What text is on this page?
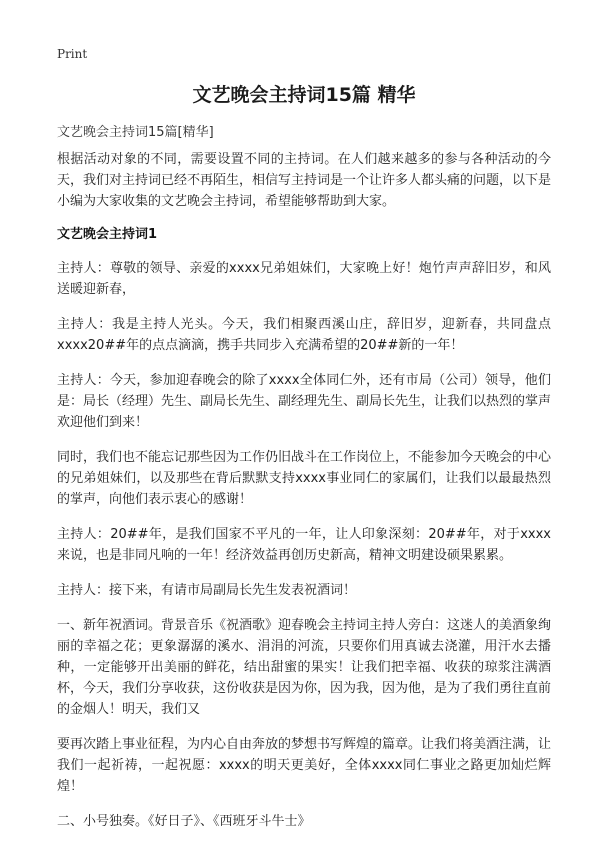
Print
文艺晚会主持词15篇 精华
文艺晚会主持词15篇[精华]

根据活动对象的不同，需要设置不同的主持词。在人们越来越多的参与各种活动的今天，我们对主持词已经不再陌生，相信写主持词是一个让许多人都头痛的问题，以下是小编为大家收集的文艺晚会主持词，希望能够帮助到大家。

文艺晚会主持词1

主持人：尊敬的领导、亲爱的xxxx兄弟姐妹们，大家晚上好！炮竹声声辞旧岁，和风送暖迎新春，

主持人：我是主持人光头。今天，我们相聚西溪山庄，辞旧岁，迎新春，共同盘点xxxx20##年的点点滴滴，携手共同步入充满希望的20##新的一年！

主持人：今天，参加迎春晚会的除了xxxx全体同仁外，还有市局（公司）领导，他们是：局长（经理）先生、副局长先生、副经理先生、副局长先生，让我们以热烈的掌声欢迎他们到来！

同时，我们也不能忘记那些因为工作仍旧战斗在工作岗位上，不能参加今天晚会的中心的兄弟姐妹们，以及那些在背后默默支持xxxx事业同仁的家属们，让我们以最最热烈的掌声，向他们表示衷心的感谢！

主持人：20##年，是我们国家不平凡的一年，让人印象深刻：20##年，对于xxxx来说，也是非同凡响的一年！经济效益再创历史新高，精神文明建设硕果累累。

主持人：接下来，有请市局副局长先生发表祝酒词！

一、新年祝酒词。背景音乐《祝酒歌》迎春晚会主持词主持人旁白：这迷人的美酒象绚丽的幸福之花；更象潺潺的溪水、涓涓的河流，只要你们用真诚去浇灌，用汗水去播种，一定能够开出美丽的鲜花，结出甜蜜的果实！让我们把幸福、收获的琼浆注满酒杯，今天，我们分享收获，这份收获是因为你，因为我，因为他，是为了我们勇往直前的金烟人！明天，我们又

要再次踏上事业征程，为内心自由奔放的梦想书写辉煌的篇章。让我们将美酒注满，让我们一起祈祷，一起祝愿：xxxx的明天更美好，全体xxxx同仁事业之路更加灿烂辉煌！

二、小号独奏。《好日子》、《西班牙斗牛士》
